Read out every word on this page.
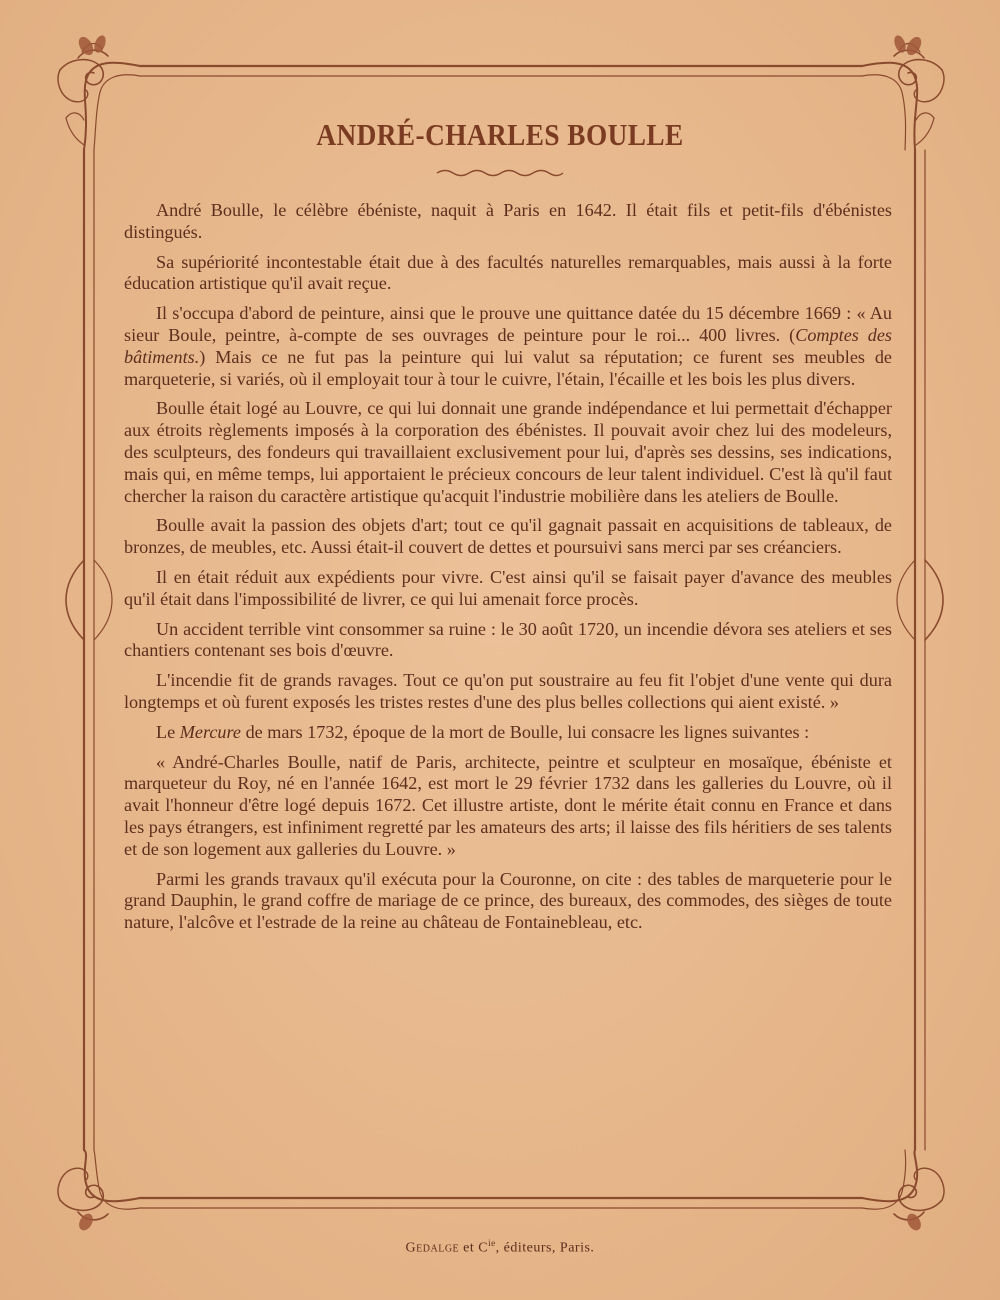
ANDRÉ-CHARLES BOULLE

André Boulle, le célèbre ébéniste, naquit à Paris en 1642. Il était fils et petit-fils d'ébénistes distingués.

Sa supériorité incontestable était due à des facultés naturelles remarquables, mais aussi à la forte éducation artistique qu'il avait reçue.

Il s'occupa d'abord de peinture, ainsi que le prouve une quittance datée du 15 décembre 1669 : « Au sieur Boule, peintre, à-compte de ses ouvrages de peinture pour le roi... 400 livres. (Comptes des bâtiments.) Mais ce ne fut pas la peinture qui lui valut sa réputation; ce furent ses meubles de marqueterie, si variés, où il employait tour à tour le cuivre, l'étain, l'écaille et les bois les plus divers.

Boulle était logé au Louvre, ce qui lui donnait une grande indépendance et lui permettait d'échapper aux étroits règlements imposés à la corporation des ébénistes. Il pouvait avoir chez lui des modeleurs, des sculpteurs, des fondeurs qui travaillaient exclusivement pour lui, d'après ses dessins, ses indications, mais qui, en même temps, lui apportaient le précieux concours de leur talent individuel. C'est là qu'il faut chercher la raison du caractère artistique qu'acquit l'industrie mobilière dans les ateliers de Boulle.

Boulle avait la passion des objets d'art; tout ce qu'il gagnait passait en acquisitions de tableaux, de bronzes, de meubles, etc. Aussi était-il couvert de dettes et poursuivi sans merci par ses créanciers.

Il en était réduit aux expédients pour vivre. C'est ainsi qu'il se faisait payer d'avance des meubles qu'il était dans l'impossibilité de livrer, ce qui lui amenait force procès.

Un accident terrible vint consommer sa ruine : le 30 août 1720, un incendie dévora ses ateliers et ses chantiers contenant ses bois d'œuvre.

L'incendie fit de grands ravages. Tout ce qu'on put soustraire au feu fit l'objet d'une vente qui dura longtemps et où furent exposés les tristes restes d'une des plus belles collections qui aient existé. »

Le Mercure de mars 1732, époque de la mort de Boulle, lui consacre les lignes suivantes :

« André-Charles Boulle, natif de Paris, architecte, peintre et sculpteur en mosaïque, ébéniste et marqueteur du Roy, né en l'année 1642, est mort le 29 février 1732 dans les galleries du Louvre, où il avait l'honneur d'être logé depuis 1672. Cet illustre artiste, dont le mérite était connu en France et dans les pays étrangers, est infiniment regretté par les amateurs des arts; il laisse des fils héritiers de ses talents et de son logement aux galleries du Louvre. »

Parmi les grands travaux qu'il exécuta pour la Couronne, on cite : des tables de marqueterie pour le grand Dauphin, le grand coffre de mariage de ce prince, des bureaux, des commodes, des sièges de toute nature, l'alcôve et l'estrade de la reine au château de Fontainebleau, etc.

Gedalge et $C^{ie}$, éditeurs, Paris.
